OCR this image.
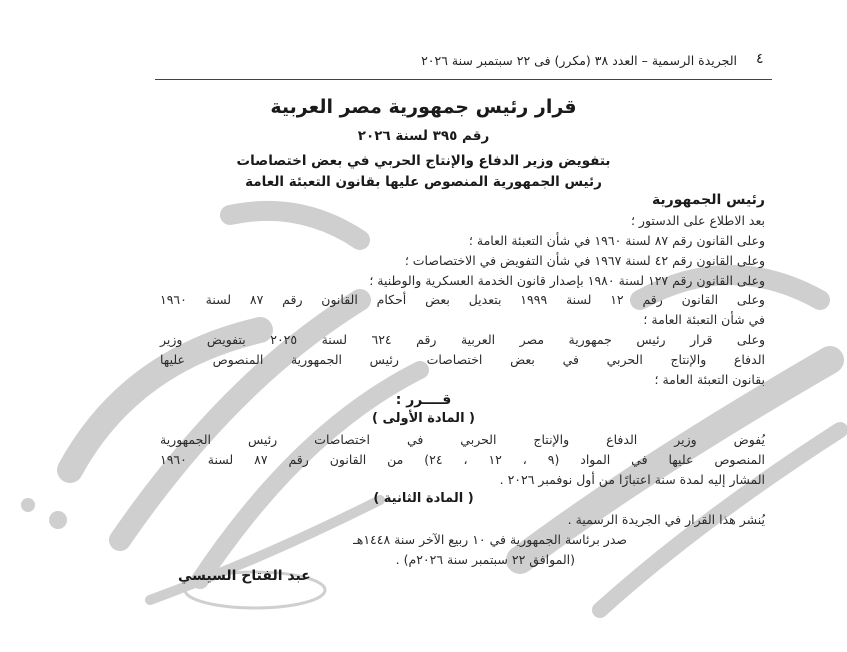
٤
الجريدة الرسمية – العدد ٣٨ (مكرر) فى ٢٢ سبتمبر سنة ٢٠٢٦
قرار رئيس جمهورية مصر العربية
رقم ٣٩٥ لسنة ٢٠٢٦
بتفويض وزير الدفاع والإنتاج الحربي في بعض اختصاصات
رئيس الجمهورية المنصوص عليها بقانون التعبئة العامة
رئيس الجمهورية
بعد الاطلاع على الدستور ؛
وعلى القانون رقم ٨٧ لسنة ١٩٦٠ في شأن التعبئة العامة ؛
وعلى القانون رقم ٤٢ لسنة ١٩٦٧ في شأن التفويض في الاختصاصات ؛
وعلى القانون رقم ١٢٧ لسنة ١٩٨٠ بإصدار قانون الخدمة العسكرية والوطنية ؛
وعلى القانون رقم ١٢ لسنة ١٩٩٩ بتعديل بعض أحكام القانون رقم ٨٧ لسنة ١٩٦٠
في شأن التعبئة العامة ؛
وعلى قرار رئيس جمهورية مصر العربية رقم ٦٢٤ لسنة ٢٠٢٥ بتفويض وزير
الدفاع والإنتاج الحربي في بعض اختصاصات رئيس الجمهورية المنصوص عليها
بقانون التعبئة العامة ؛
قــــرر :
( المادة الأولى )
يُفوض وزير الدفاع والإنتاج الحربي في اختصاصات رئيس الجمهورية
المنصوص عليها في المواد (٩ ، ١٢ ، ٢٤) من القانون رقم ٨٧ لسنة ١٩٦٠
المشار إليه لمدة سنة اعتبارًا من أول نوفمبر ٢٠٢٦ .
( المادة الثانية )
يُنشر هذا القرار في الجريدة الرسمية .
صدر برئاسة الجمهورية في ١٠ ربيع الآخر سنة ١٤٤٨هـ
(الموافق ٢٢ سبتمبر سنة ٢٠٢٦م) .
عبد الفتاح السيسي
